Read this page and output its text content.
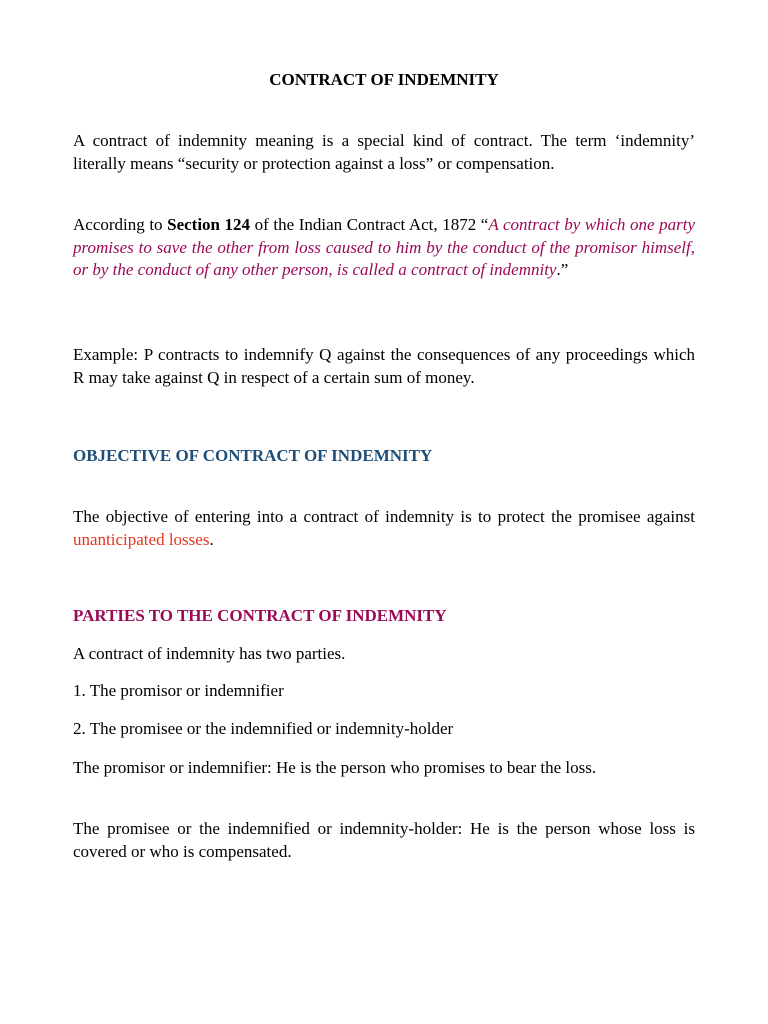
CONTRACT OF INDEMNITY

A contract of indemnity meaning is a special kind of contract. The term ‘indemnity’ literally means “security or protection against a loss” or compensation.

According to Section 124 of the Indian Contract Act, 1872 “A contract by which one party promises to save the other from loss caused to him by the conduct of the promisor himself, or by the conduct of any other person, is called a contract of indemnity.”

Example: P contracts to indemnify Q against the consequences of any proceedings which R may take against Q in respect of a certain sum of money.

OBJECTIVE OF CONTRACT OF INDEMNITY

The objective of entering into a contract of indemnity is to protect the promisee against unanticipated losses.

PARTIES TO THE CONTRACT OF INDEMNITY

A contract of indemnity has two parties.

1. The promisor or indemnifier

2. The promisee or the indemnified or indemnity-holder

The promisor or indemnifier: He is the person who promises to bear the loss.

The promisee or the indemnified or indemnity-holder: He is the person whose loss is covered or who is compensated.
